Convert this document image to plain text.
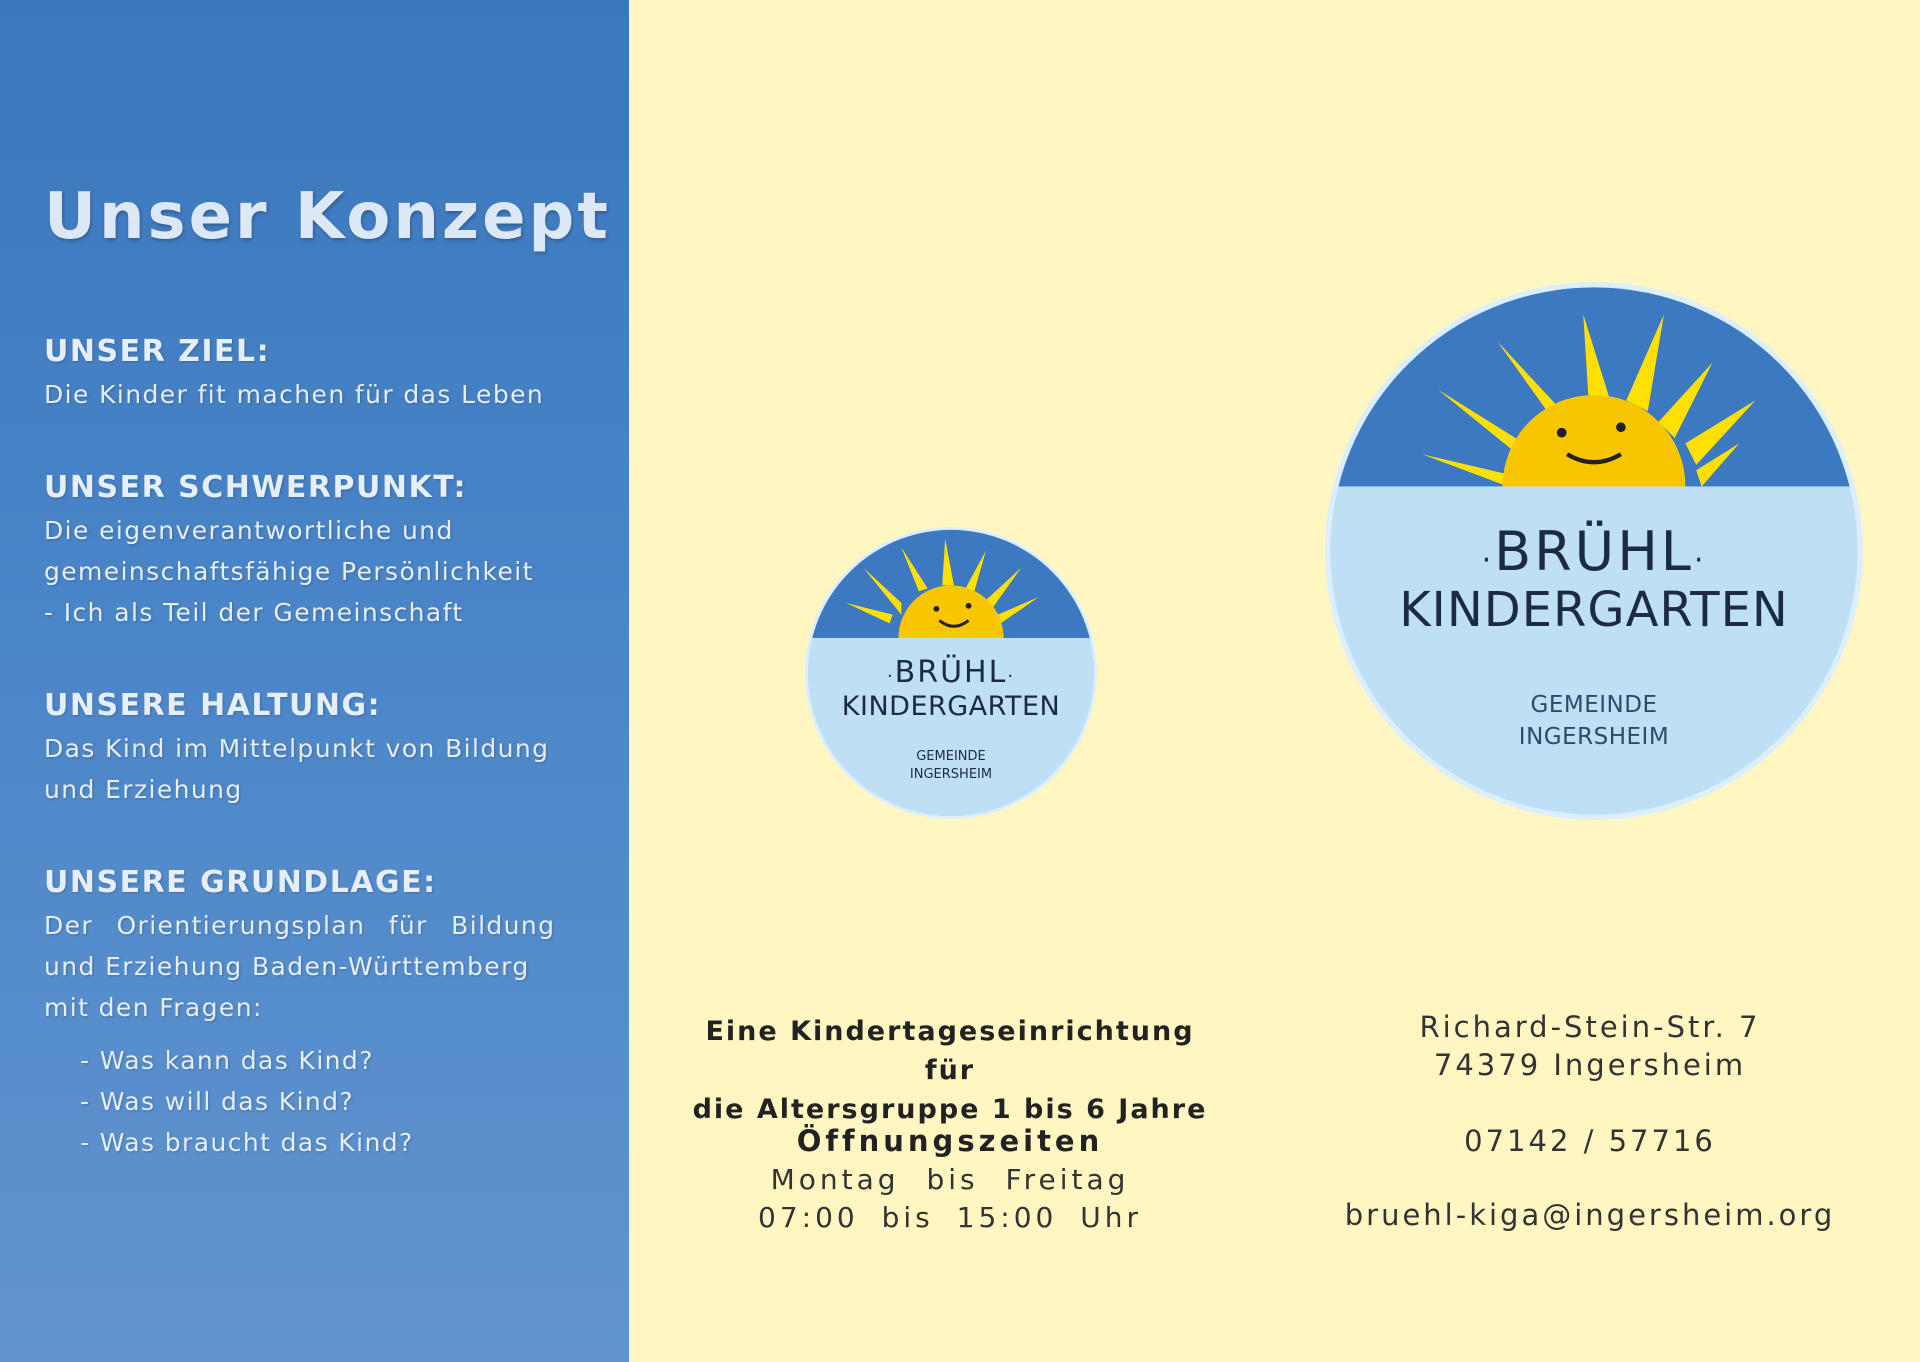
Unser Konzept
UNSER ZIEL:
Die Kinder fit machen für das Leben
UNSER SCHWERPUNKT:
Die eigenverantwortliche und
gemeinschaftsfähige Persönlichkeit
- Ich als Teil der Gemeinschaft
UNSERE HALTUNG:
Das Kind im Mittelpunkt von Bildung
und Erziehung
UNSERE GRUNDLAGE:
Der Orientierungsplan für Bildung
und Erziehung Baden-Württemberg
mit den Fragen:
- Was kann das Kind?
- Was will das Kind?
- Was braucht das Kind?
·BRÜHL·
KINDERGARTEN
GEMEINDE
INGERSHEIM
·BRÜHL·
KINDERGARTEN
GEMEINDE
INGERSHEIM
Eine Kindertageseinrichtung für
die Altersgruppe 1 bis 6 Jahre
Öffnungszeiten
Montag bis Freitag
07:00 bis 15:00 Uhr
Richard-Stein-Str. 7
74379 Ingersheim
07142 / 57716
bruehl-kiga@ingersheim.org
